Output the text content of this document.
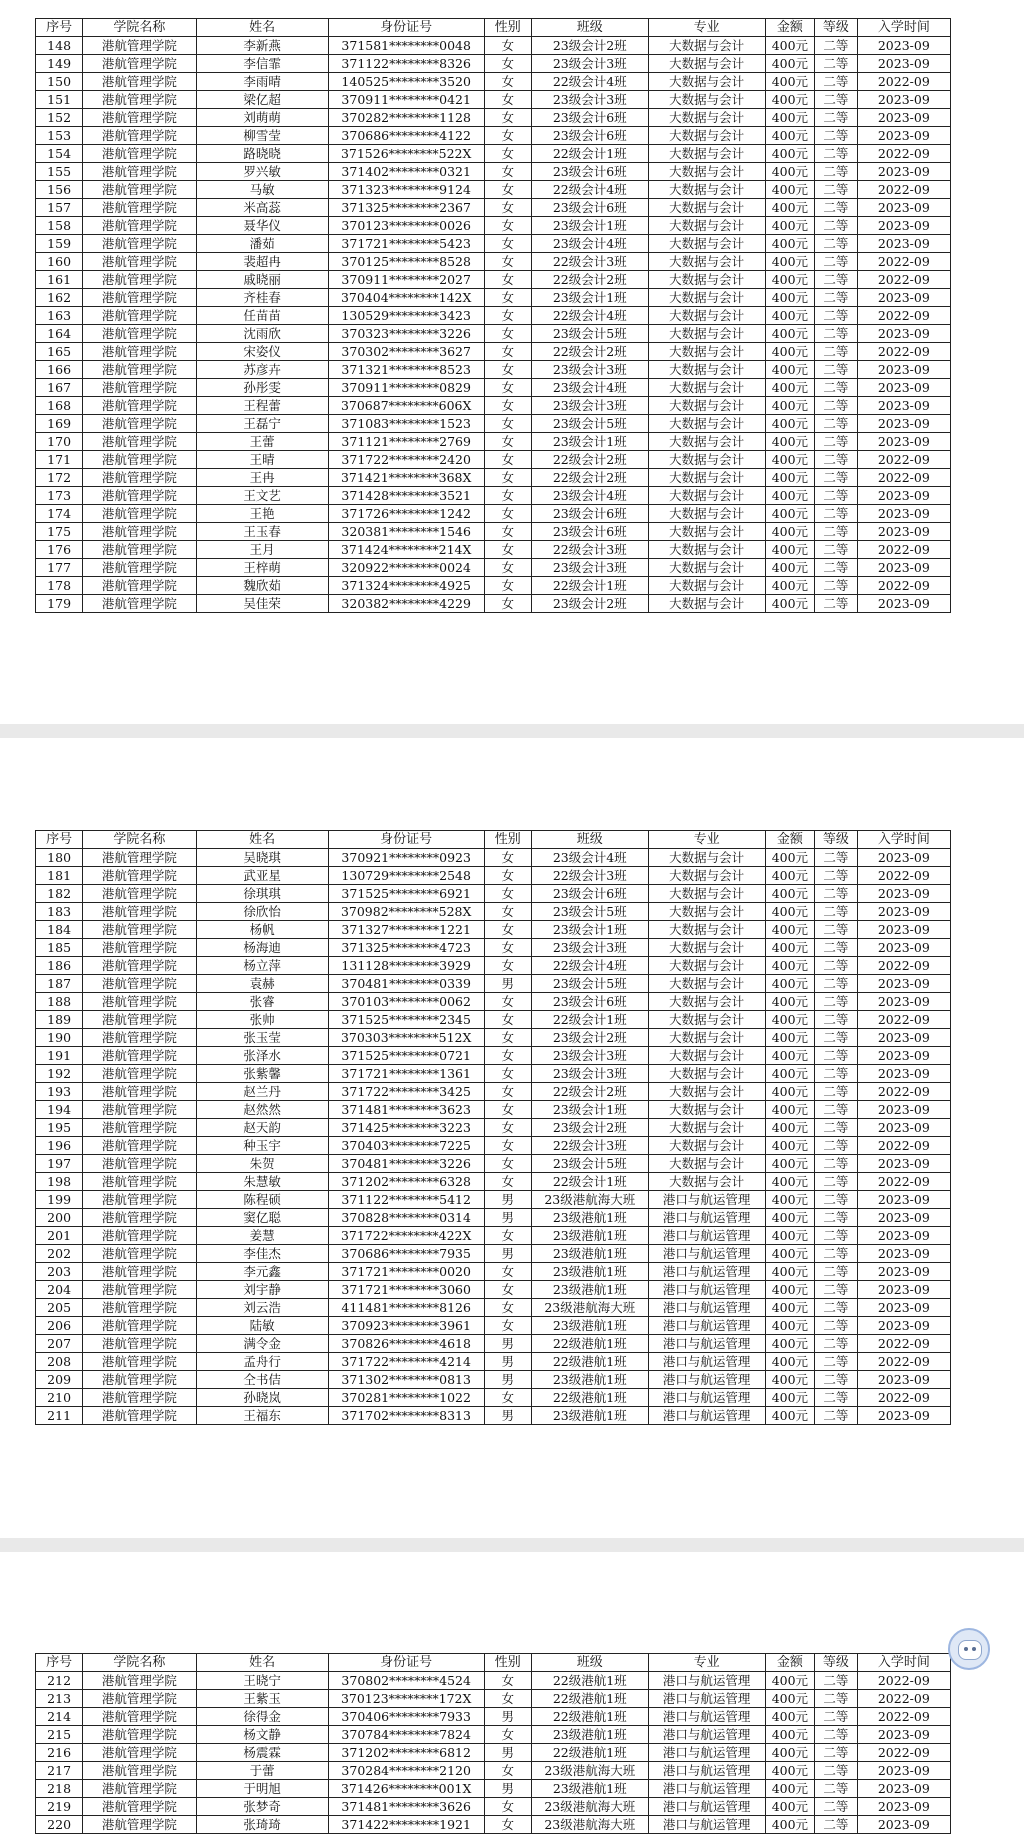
序号	学院名称	姓名	身份证号	性别	班级	专业	金额	等级	入学时间
148	港航管理学院	李新燕	371581********0048	女	23级会计2班	大数据与会计	400元	二等	2023-09
149	港航管理学院	李信霏	371122********8326	女	23级会计3班	大数据与会计	400元	二等	2023-09
150	港航管理学院	李雨晴	140525********3520	女	22级会计4班	大数据与会计	400元	二等	2022-09
151	港航管理学院	梁亿超	370911********0421	女	23级会计3班	大数据与会计	400元	二等	2023-09
152	港航管理学院	刘萌萌	370282********1128	女	23级会计6班	大数据与会计	400元	二等	2023-09
153	港航管理学院	柳雪莹	370686********4122	女	23级会计6班	大数据与会计	400元	二等	2023-09
154	港航管理学院	路晓晓	371526********522X	女	22级会计1班	大数据与会计	400元	二等	2022-09
155	港航管理学院	罗兴敏	371402********0321	女	23级会计6班	大数据与会计	400元	二等	2023-09
156	港航管理学院	马敏	371323********9124	女	22级会计4班	大数据与会计	400元	二等	2022-09
157	港航管理学院	米高蕊	371325********2367	女	23级会计6班	大数据与会计	400元	二等	2023-09
158	港航管理学院	聂华仪	370123********0026	女	23级会计1班	大数据与会计	400元	二等	2023-09
159	港航管理学院	潘茹	371721********5423	女	23级会计4班	大数据与会计	400元	二等	2023-09
160	港航管理学院	裴超冉	370125********8528	女	22级会计3班	大数据与会计	400元	二等	2022-09
161	港航管理学院	戚晓丽	370911********2027	女	22级会计2班	大数据与会计	400元	二等	2022-09
162	港航管理学院	齐桂春	370404********142X	女	23级会计1班	大数据与会计	400元	二等	2023-09
163	港航管理学院	任苗苗	130529********3423	女	22级会计4班	大数据与会计	400元	二等	2022-09
164	港航管理学院	沈雨欣	370323********3226	女	23级会计5班	大数据与会计	400元	二等	2023-09
165	港航管理学院	宋姿仪	370302********3627	女	22级会计2班	大数据与会计	400元	二等	2022-09
166	港航管理学院	苏彦卉	371321********8523	女	23级会计3班	大数据与会计	400元	二等	2023-09
167	港航管理学院	孙彤雯	370911********0829	女	23级会计4班	大数据与会计	400元	二等	2023-09
168	港航管理学院	王程蕾	370687********606X	女	23级会计3班	大数据与会计	400元	二等	2023-09
169	港航管理学院	王磊宁	371083********1523	女	23级会计5班	大数据与会计	400元	二等	2023-09
170	港航管理学院	王蕾	371121********2769	女	23级会计1班	大数据与会计	400元	二等	2023-09
171	港航管理学院	王晴	371722********2420	女	22级会计2班	大数据与会计	400元	二等	2022-09
172	港航管理学院	王冉	371421********368X	女	22级会计2班	大数据与会计	400元	二等	2022-09
173	港航管理学院	王文艺	371428********3521	女	23级会计4班	大数据与会计	400元	二等	2023-09
174	港航管理学院	王艳	371726********1242	女	23级会计6班	大数据与会计	400元	二等	2023-09
175	港航管理学院	王玉春	320381********1546	女	23级会计6班	大数据与会计	400元	二等	2023-09
176	港航管理学院	王月	371424********214X	女	22级会计3班	大数据与会计	400元	二等	2022-09
177	港航管理学院	王梓萌	320922********0024	女	23级会计3班	大数据与会计	400元	二等	2023-09
178	港航管理学院	魏欣茹	371324********4925	女	22级会计1班	大数据与会计	400元	二等	2022-09
179	港航管理学院	吴佳荣	320382********4229	女	23级会计2班	大数据与会计	400元	二等	2023-09
序号	学院名称	姓名	身份证号	性别	班级	专业	金额	等级	入学时间
180	港航管理学院	吴晓琪	370921********0923	女	23级会计4班	大数据与会计	400元	二等	2023-09
181	港航管理学院	武亚星	130729********2548	女	22级会计3班	大数据与会计	400元	二等	2022-09
182	港航管理学院	徐琪琪	371525********6921	女	23级会计6班	大数据与会计	400元	二等	2023-09
183	港航管理学院	徐欣怡	370982********528X	女	23级会计5班	大数据与会计	400元	二等	2023-09
184	港航管理学院	杨帆	371327********1221	女	23级会计1班	大数据与会计	400元	二等	2023-09
185	港航管理学院	杨海迪	371325********4723	女	23级会计3班	大数据与会计	400元	二等	2023-09
186	港航管理学院	杨立萍	131128********3929	女	22级会计4班	大数据与会计	400元	二等	2022-09
187	港航管理学院	袁赫	370481********0339	男	23级会计5班	大数据与会计	400元	二等	2023-09
188	港航管理学院	张睿	370103********0062	女	23级会计6班	大数据与会计	400元	二等	2023-09
189	港航管理学院	张帅	371525********2345	女	22级会计1班	大数据与会计	400元	二等	2022-09
190	港航管理学院	张玉莹	370303********512X	女	23级会计2班	大数据与会计	400元	二等	2023-09
191	港航管理学院	张泽水	371525********0721	女	23级会计3班	大数据与会计	400元	二等	2023-09
192	港航管理学院	张紫馨	371721********1361	女	23级会计3班	大数据与会计	400元	二等	2023-09
193	港航管理学院	赵兰丹	371722********3425	女	22级会计2班	大数据与会计	400元	二等	2022-09
194	港航管理学院	赵然然	371481********3623	女	23级会计1班	大数据与会计	400元	二等	2023-09
195	港航管理学院	赵天韵	371425********3223	女	23级会计2班	大数据与会计	400元	二等	2023-09
196	港航管理学院	种玉宇	370403********7225	女	22级会计3班	大数据与会计	400元	二等	2022-09
197	港航管理学院	朱贺	370481********3226	女	23级会计5班	大数据与会计	400元	二等	2023-09
198	港航管理学院	朱慧敏	371202********6328	女	22级会计1班	大数据与会计	400元	二等	2022-09
199	港航管理学院	陈程硕	371122********5412	男	23级港航海大班	港口与航运管理	400元	二等	2023-09
200	港航管理学院	窦亿聪	370828********0314	男	23级港航1班	港口与航运管理	400元	二等	2023-09
201	港航管理学院	姜慧	371722********422X	女	23级港航1班	港口与航运管理	400元	二等	2023-09
202	港航管理学院	李佳杰	370686********7935	男	23级港航1班	港口与航运管理	400元	二等	2023-09
203	港航管理学院	李元鑫	371721********0020	女	23级港航1班	港口与航运管理	400元	二等	2023-09
204	港航管理学院	刘宇静	371721********3060	女	23级港航1班	港口与航运管理	400元	二等	2023-09
205	港航管理学院	刘云浩	411481********8126	女	23级港航海大班	港口与航运管理	400元	二等	2023-09
206	港航管理学院	陆敏	370923********3961	女	23级港航1班	港口与航运管理	400元	二等	2023-09
207	港航管理学院	满令金	370826********4618	男	22级港航1班	港口与航运管理	400元	二等	2022-09
208	港航管理学院	孟舟行	371722********4214	男	22级港航1班	港口与航运管理	400元	二等	2022-09
209	港航管理学院	仝书佶	371302********0813	男	23级港航1班	港口与航运管理	400元	二等	2023-09
210	港航管理学院	孙晓岚	370281********1022	女	22级港航1班	港口与航运管理	400元	二等	2022-09
211	港航管理学院	王福东	371702********8313	男	23级港航1班	港口与航运管理	400元	二等	2023-09
序号	学院名称	姓名	身份证号	性别	班级	专业	金额	等级	入学时间
212	港航管理学院	王晓宁	370802********4524	女	22级港航1班	港口与航运管理	400元	二等	2022-09
213	港航管理学院	王紫玉	370123********172X	女	22级港航1班	港口与航运管理	400元	二等	2022-09
214	港航管理学院	徐得金	370406********7933	男	22级港航1班	港口与航运管理	400元	二等	2022-09
215	港航管理学院	杨文静	370784********7824	女	23级港航1班	港口与航运管理	400元	二等	2023-09
216	港航管理学院	杨震霖	371202********6812	男	22级港航1班	港口与航运管理	400元	二等	2022-09
217	港航管理学院	于蕾	370284********2120	女	23级港航海大班	港口与航运管理	400元	二等	2023-09
218	港航管理学院	于明旭	371426********001X	男	23级港航1班	港口与航运管理	400元	二等	2023-09
219	港航管理学院	张梦奇	371481********3626	女	23级港航海大班	港口与航运管理	400元	二等	2023-09
220	港航管理学院	张琦琦	371422********1921	女	23级港航海大班	港口与航运管理	400元	二等	2023-09
